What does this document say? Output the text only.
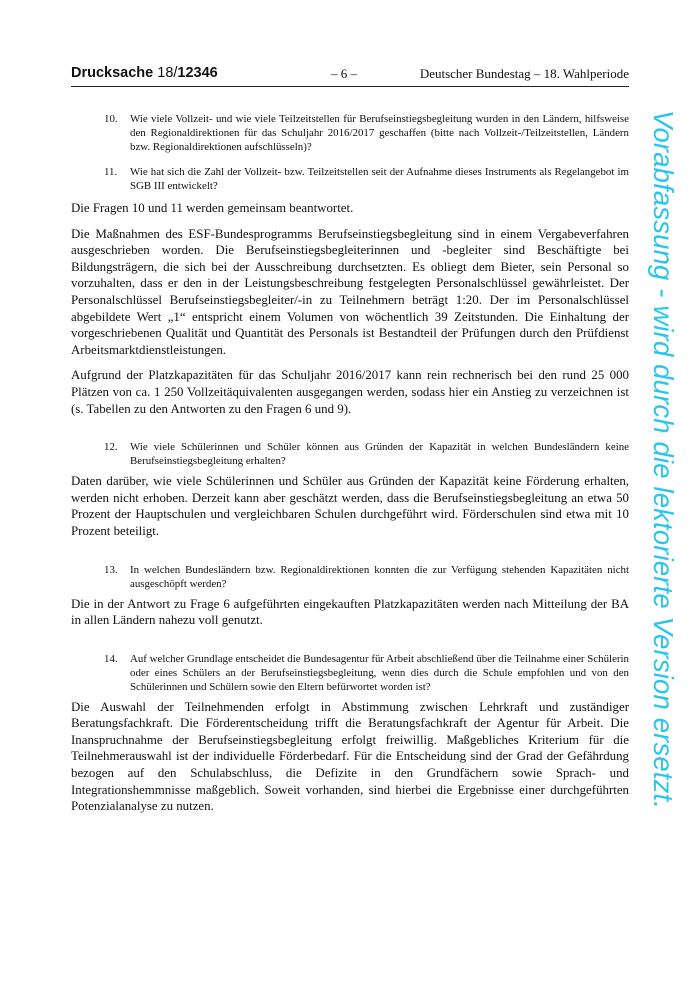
Drucksache 18/12346	– 6 –	Deutscher Bundestag – 18. Wahlperiode
10. Wie viele Vollzeit- und wie viele Teilzeitstellen für Berufseinstiegsbegleitung wurden in den Ländern, hilfsweise den Regionaldirektionen für das Schuljahr 2016/2017 geschaffen (bitte nach Vollzeit-/Teilzeitstellen, Ländern bzw. Regionaldirektionen aufschlüsseln)?
11. Wie hat sich die Zahl der Vollzeit- bzw. Teilzeitstellen seit der Aufnahme dieses Instruments als Regelangebot im SGB III entwickelt?

Die Fragen 10 und 11 werden gemeinsam beantwortet.

Die Maßnahmen des ESF-Bundesprogramms Berufseinstiegsbegleitung sind in einem Vergabeverfahren ausgeschrieben worden. Die Berufseinstiegsbegleiterinnen und -begleiter sind Beschäftigte bei Bildungsträgern, die sich bei der Ausschreibung durchsetzten. Es obliegt dem Bieter, sein Personal so vorzuhalten, dass er den in der Leistungsbeschreibung festgelegten Personalschlüssel gewährleistet. Der Personalschlüssel Berufseinstiegsbegleiter/-in zu Teilnehmern beträgt 1:20. Der im Personalschlüssel abgebildete Wert „1“ entspricht einem Volumen von wöchentlich 39 Zeitstunden. Die Einhaltung der vorgeschriebenen Qualität und Quantität des Personals ist Bestandteil der Prüfungen durch den Prüfdienst Arbeitsmarktdienstleistungen.

Aufgrund der Platzkapazitäten für das Schuljahr 2016/2017 kann rein rechnerisch bei den rund 25 000 Plätzen von ca. 1 250 Vollzeitäquivalenten ausgegangen werden, sodass hier ein Anstieg zu verzeichnen ist (s. Tabellen zu den Antworten zu den Fragen 6 und 9).

12. Wie viele Schülerinnen und Schüler können aus Gründen der Kapazität in welchen Bundesländern keine Berufseinstiegsbegleitung erhalten?

Daten darüber, wie viele Schülerinnen und Schüler aus Gründen der Kapazität keine Förderung erhalten, werden nicht erhoben. Derzeit kann aber geschätzt werden, dass die Berufseinstiegsbegleitung an etwa 50 Prozent der Hauptschulen und vergleichbaren Schulen durchgeführt wird. Förderschulen sind etwa mit 10 Prozent beteiligt.

13. In welchen Bundesländern bzw. Regionaldirektionen konnten die zur Verfügung stehenden Kapazitäten nicht ausgeschöpft werden?

Die in der Antwort zu Frage 6 aufgeführten eingekauften Platzkapazitäten werden nach Mitteilung der BA in allen Ländern nahezu voll genutzt.

14. Auf welcher Grundlage entscheidet die Bundesagentur für Arbeit abschließend über die Teilnahme einer Schülerin oder eines Schülers an der Berufseinstiegsbegleitung, wenn dies durch die Schule empfohlen und von den Schülerinnen und Schülern sowie den Eltern befürwortet worden ist?

Die Auswahl der Teilnehmenden erfolgt in Abstimmung zwischen Lehrkraft und zuständiger Beratungsfachkraft. Die Förderentscheidung trifft die Beratungsfachkraft der Agentur für Arbeit. Die Inanspruchnahme der Berufseinstiegsbegleitung erfolgt freiwillig. Maßgebliches Kriterium für die Teilnehmerauswahl ist der individuelle Förderbedarf. Für die Entscheidung sind der Grad der Gefährdung bezogen auf den Schulabschluss, die Defizite in den Grundfächern sowie Sprach- und Integrationshemmnisse maßgeblich. Soweit vorhanden, sind hierbei die Ergebnisse einer durchgeführten Potenzialanalyse zu nutzen.	Vorabfassung - wird durch die lektorierte Version ersetzt.
